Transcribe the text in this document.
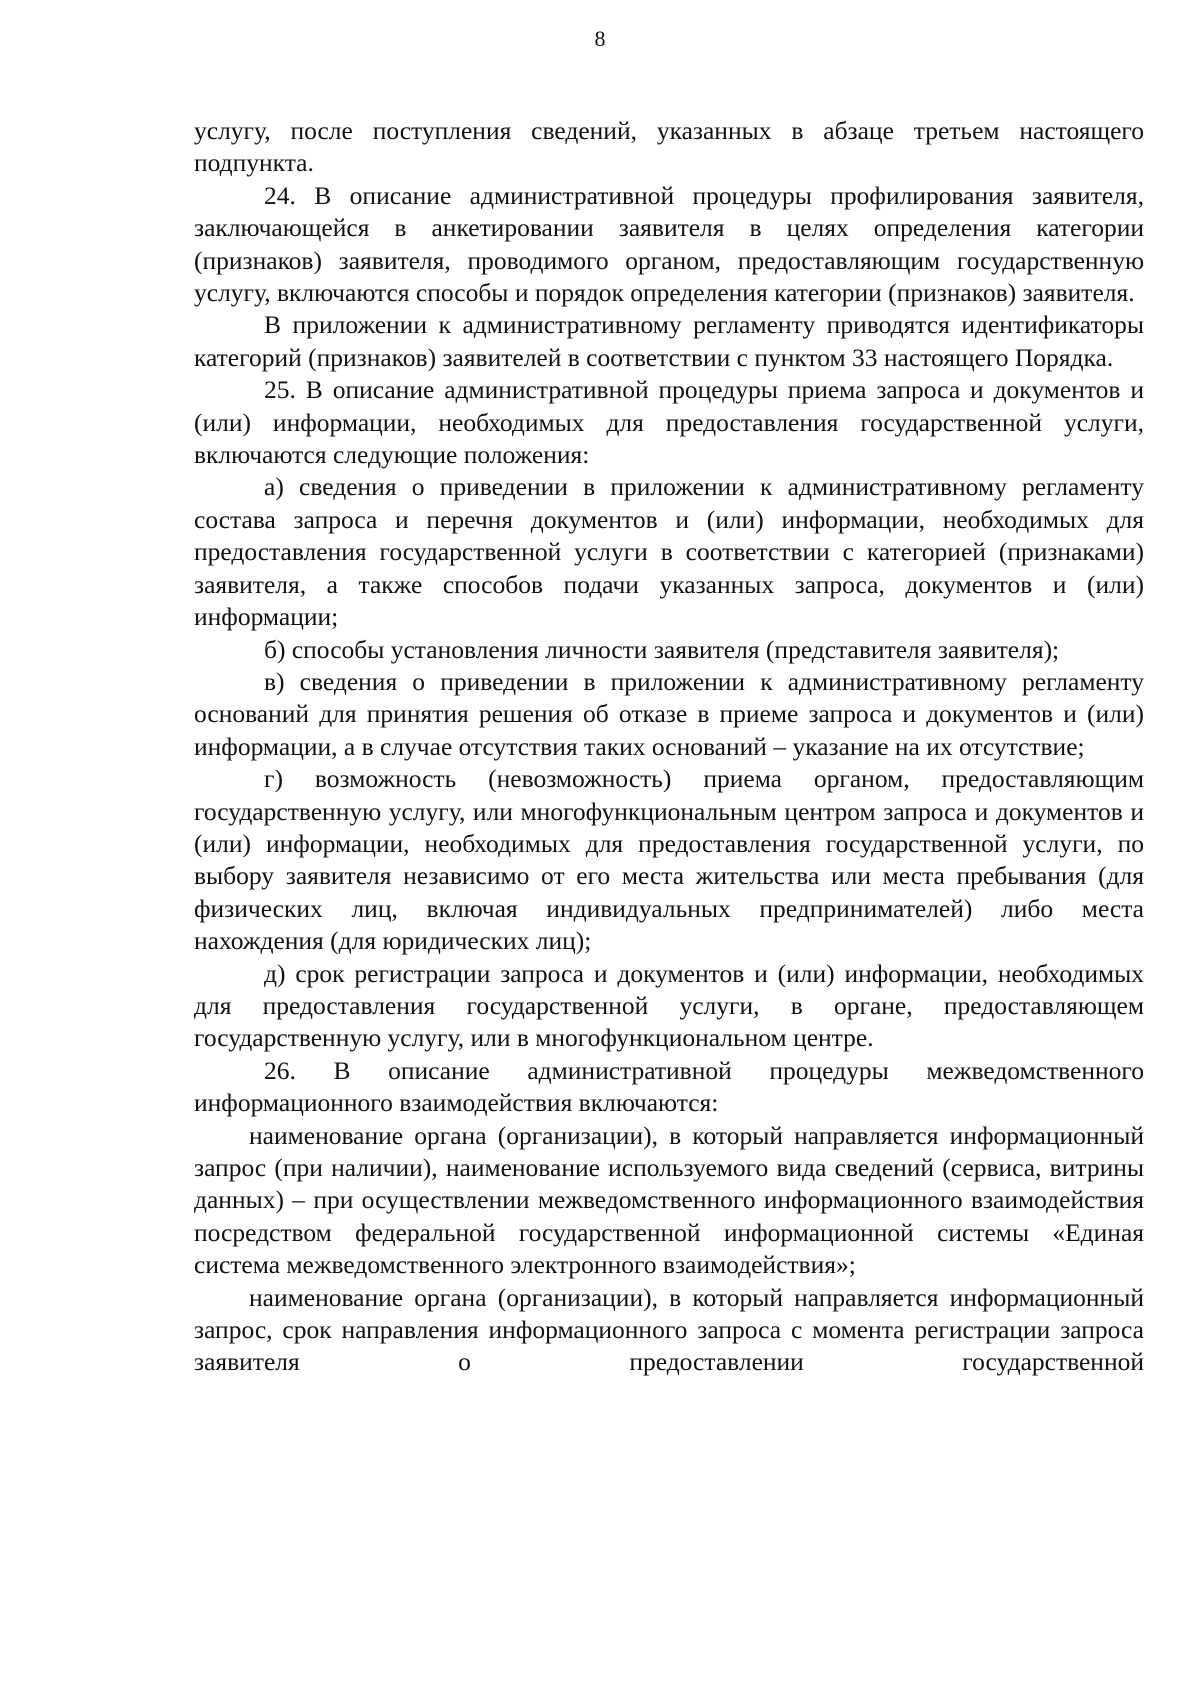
8

услугу, после поступления сведений, указанных в абзаце третьем настоящего подпункта.

24. В описание административной процедуры профилирования заявителя, заключающейся в анкетировании заявителя в целях определения категории (признаков) заявителя, проводимого органом, предоставляющим государственную услугу, включаются способы и порядок определения категории (признаков) заявителя.

В приложении к административному регламенту приводятся идентификаторы категорий (признаков) заявителей в соответствии с пунктом 33 настоящего Порядка.

25. В описание административной процедуры приема запроса и документов и (или) информации, необходимых для предоставления государственной услуги, включаются следующие положения:

а) сведения о приведении в приложении к административному регламенту состава запроса и перечня документов и (или) информации, необходимых для предоставления государственной услуги в соответствии с категорией (признаками) заявителя, а также способов подачи указанных запроса, документов и (или) информации;

б) способы установления личности заявителя (представителя заявителя);

в) сведения о приведении в приложении к административному регламенту оснований для принятия решения об отказе в приеме запроса и документов и (или) информации, а в случае отсутствия таких оснований – указание на их отсутствие;

г) возможность (невозможность) приема органом, предоставляющим государственную услугу, или многофункциональным центром запроса и документов и (или) информации, необходимых для предоставления государственной услуги, по выбору заявителя независимо от его места жительства или места пребывания (для физических лиц, включая индивидуальных предпринимателей) либо места нахождения (для юридических лиц);

д) срок регистрации запроса и документов и (или) информации, необходимых для предоставления государственной услуги, в органе, предоставляющем государственную услугу, или в многофункциональном центре.

26. В описание административной процедуры межведомственного информационного взаимодействия включаются:

наименование органа (организации), в который направляется информационный запрос (при наличии), наименование используемого вида сведений (сервиса, витрины данных) – при осуществлении межведомственного информационного взаимодействия посредством федеральной государственной информационной системы «Единая система межведомственного электронного взаимодействия»;

наименование органа (организации), в который направляется информационный запрос, срок направления информационного запроса с момента регистрации запроса заявителя о предоставлении государственной
